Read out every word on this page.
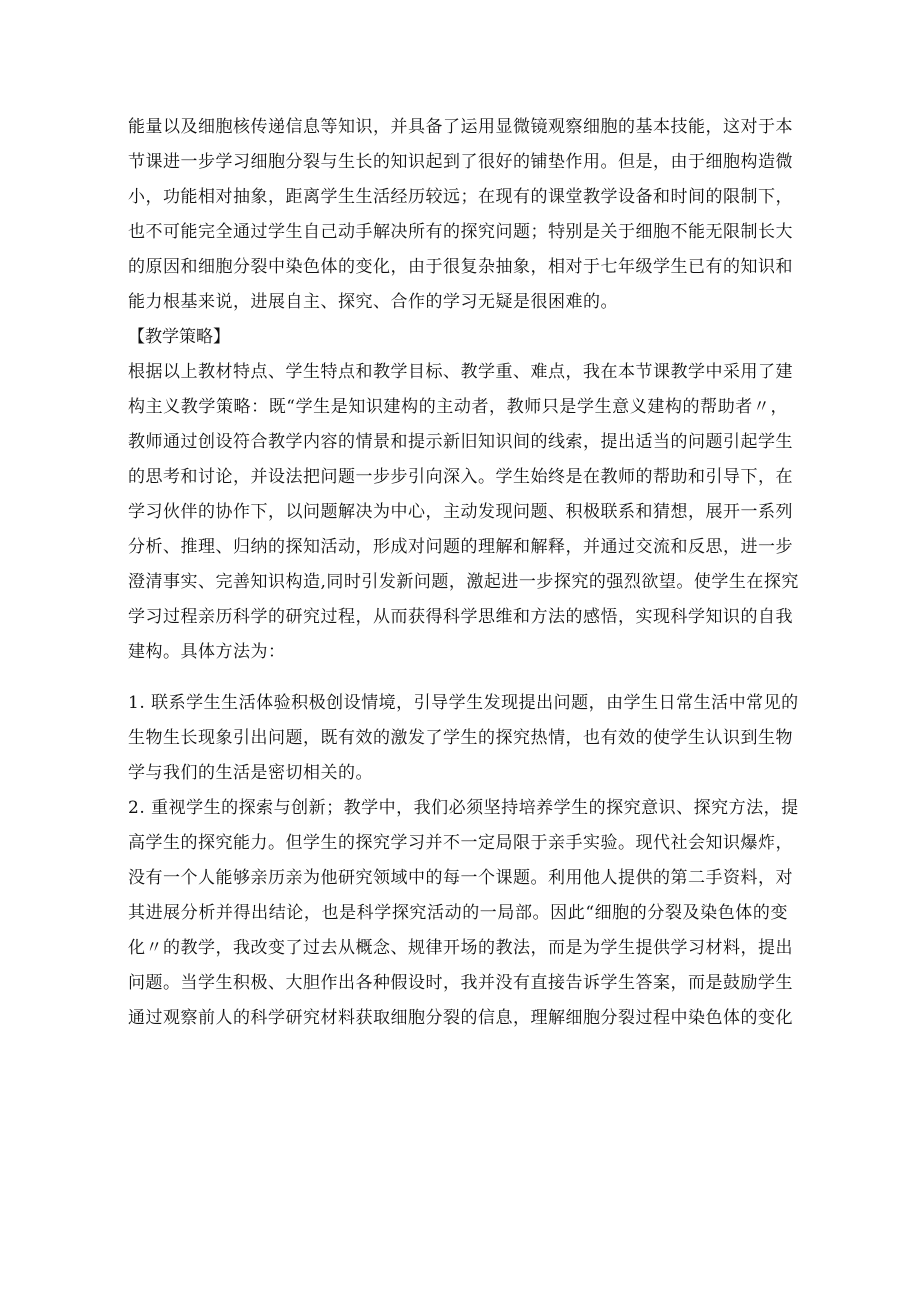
能量以及细胞核传递信息等知识，并具备了运用显微镜观察细胞的基本技能，这对于本
节课进一步学习细胞分裂与生长的知识起到了很好的铺垫作用。但是，由于细胞构造微
小，功能相对抽象，距离学生生活经历较远；在现有的课堂教学设备和时间的限制下，
也不可能完全通过学生自己动手解决所有的探究问题；特别是关于细胞不能无限制长大
的原因和细胞分裂中染色体的变化，由于很复杂抽象，相对于七年级学生已有的知识和
能力根基来说，进展自主、探究、合作的学习无疑是很困难的。
【教学策略】
根据以上教材特点、学生特点和教学目标、教学重、难点，我在本节课教学中采用了建
构主义教学策略：既“学生是知识建构的主动者，教师只是学生意义建构的帮助者〃，
教师通过创设符合教学内容的情景和提示新旧知识间的线索，提出适当的问题引起学生
的思考和讨论，并设法把问题一步步引向深入。学生始终是在教师的帮助和引导下，在
学习伙伴的协作下，以问题解决为中心，主动发现问题、积极联系和猜想，展开一系列
分析、推理、归纳的探知活动，形成对问题的理解和解释，并通过交流和反思，进一步
澄清事实、完善知识构造,同时引发新问题，激起进一步探究的强烈欲望。使学生在探究
学习过程亲历科学的研究过程，从而获得科学思维和方法的感悟，实现科学知识的自我
建构。具体方法为：
1. 联系学生生活体验积极创设情境，引导学生发现提出问题，由学生日常生活中常见的
生物生长现象引出问题，既有效的激发了学生的探究热情，也有效的使学生认识到生物
学与我们的生活是密切相关的。
2. 重视学生的探索与创新；教学中，我们必须坚持培养学生的探究意识、探究方法，提
高学生的探究能力。但学生的探究学习并不一定局限于亲手实验。现代社会知识爆炸，
没有一个人能够亲历亲为他研究领域中的每一个课题。利用他人提供的第二手资料，对
其进展分析并得出结论，也是科学探究活动的一局部。因此“细胞的分裂及染色体的变
化〃的教学，我改变了过去从概念、规律开场的教法，而是为学生提供学习材料，提出
问题。当学生积极、大胆作出各种假设时，我并没有直接告诉学生答案，而是鼓励学生
通过观察前人的科学研究材料获取细胞分裂的信息，理解细胞分裂过程中染色体的变化
